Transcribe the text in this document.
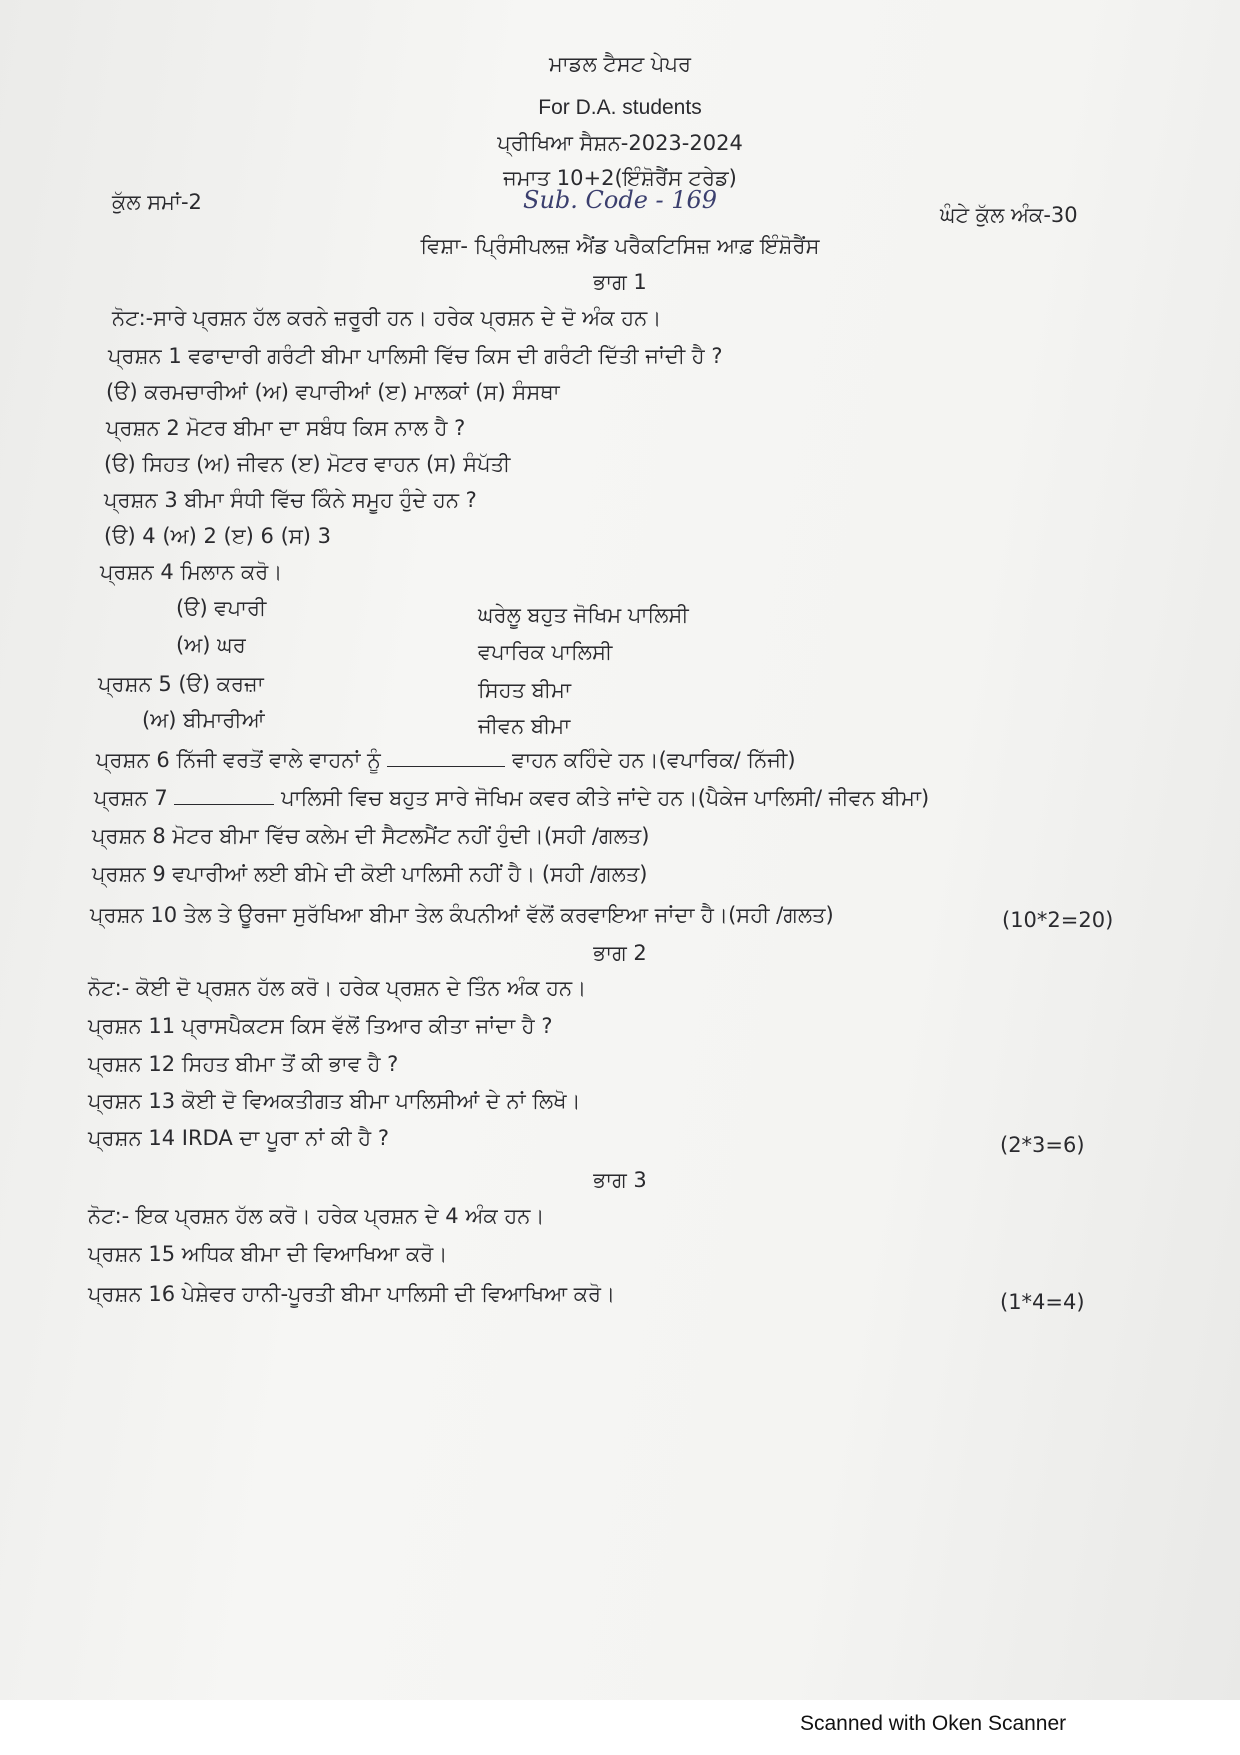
ਮਾਡਲ ਟੈਸਟ ਪੇਪਰ
For D.A. students
ਪ੍ਰੀਖਿਆ ਸੈਸ਼ਨ-2023-2024
ਜਮਾਤ 10+2(ਇੰਸ਼ੋਰੈਂਸ ਟਰੇਡ)
Sub. Code - 169
ਕੁੱਲ ਸਮਾਂ-2
ਘੰਟੇ ਕੁੱਲ ਅੰਕ-30
ਵਿਸ਼ਾ- ਪ੍ਰਿੰਸੀਪਲਜ਼ ਐਂਡ ਪਰੈਕਟਿਸਿਜ਼ ਆਫ਼ ਇੰਸ਼ੋਰੈਂਸ
ਭਾਗ 1
ਨੋਟ:-ਸਾਰੇ ਪ੍ਰਸ਼ਨ ਹੱਲ ਕਰਨੇ ਜ਼ਰੂਰੀ ਹਨ। ਹਰੇਕ ਪ੍ਰਸ਼ਨ ਦੇ ਦੋ ਅੰਕ ਹਨ।
ਪ੍ਰਸ਼ਨ 1 ਵਫਾਦਾਰੀ ਗਰੰਟੀ ਬੀਮਾ ਪਾਲਿਸੀ ਵਿੱਚ ਕਿਸ ਦੀ ਗਰੰਟੀ ਦਿੱਤੀ ਜਾਂਦੀ ਹੈ ?
(ੳ) ਕਰਮਚਾਰੀਆਂ (ਅ) ਵਪਾਰੀਆਂ (ੲ) ਮਾਲਕਾਂ (ਸ) ਸੰਸਥਾ
ਪ੍ਰਸ਼ਨ 2 ਮੋਟਰ ਬੀਮਾ ਦਾ ਸਬੰਧ ਕਿਸ ਨਾਲ ਹੈ ?
(ੳ) ਸਿਹਤ (ਅ) ਜੀਵਨ (ੲ) ਮੋਟਰ ਵਾਹਨ (ਸ) ਸੰਪੱਤੀ
ਪ੍ਰਸ਼ਨ 3 ਬੀਮਾ ਸੰਧੀ ਵਿੱਚ ਕਿੰਨੇ ਸਮੂਹ ਹੁੰਦੇ ਹਨ ?
(ੳ) 4 (ਅ) 2 (ੲ) 6 (ਸ) 3
ਪ੍ਰਸ਼ਨ 4 ਮਿਲਾਨ ਕਰੋ।
(ੳ) ਵਪਾਰੀ	ਘਰੇਲੂ ਬਹੁਤ ਜੋਖਿਮ ਪਾਲਿਸੀ
(ਅ) ਘਰ	ਵਪਾਰਿਕ ਪਾਲਿਸੀ
ਪ੍ਰਸ਼ਨ 5 (ੳ) ਕਰਜ਼ਾ	ਸਿਹਤ ਬੀਮਾ
(ਅ) ਬੀਮਾਰੀਆਂ	ਜੀਵਨ ਬੀਮਾ
ਪ੍ਰਸ਼ਨ 6 ਨਿੱਜੀ ਵਰਤੋਂ ਵਾਲੇ ਵਾਹਨਾਂ ਨੂੰ	ਵਾਹਨ ਕਹਿੰਦੇ ਹਨ।(ਵਪਾਰਿਕ/ ਨਿੱਜੀ)
ਪ੍ਰਸ਼ਨ 7	ਪਾਲਿਸੀ ਵਿਚ ਬਹੁਤ ਸਾਰੇ ਜੋਖਿਮ ਕਵਰ ਕੀਤੇ ਜਾਂਦੇ ਹਨ।(ਪੈਕੇਜ ਪਾਲਿਸੀ/ ਜੀਵਨ ਬੀਮਾ)
ਪ੍ਰਸ਼ਨ 8 ਮੋਟਰ ਬੀਮਾ ਵਿੱਚ ਕਲੇਮ ਦੀ ਸੈਟਲਮੈਂਟ ਨਹੀਂ ਹੁੰਦੀ।(ਸਹੀ /ਗਲਤ)
ਪ੍ਰਸ਼ਨ 9 ਵਪਾਰੀਆਂ ਲਈ ਬੀਮੇ ਦੀ ਕੋਈ ਪਾਲਿਸੀ ਨਹੀਂ ਹੈ। (ਸਹੀ /ਗਲਤ)
ਪ੍ਰਸ਼ਨ 10 ਤੇਲ ਤੇ ਊਰਜਾ ਸੁਰੱਖਿਆ ਬੀਮਾ ਤੇਲ ਕੰਪਨੀਆਂ ਵੱਲੋਂ ਕਰਵਾਇਆ ਜਾਂਦਾ ਹੈ।(ਸਹੀ /ਗਲਤ)	(10*2=20)
ਭਾਗ 2
ਨੋਟ:- ਕੋਈ ਦੋ ਪ੍ਰਸ਼ਨ ਹੱਲ ਕਰੋ। ਹਰੇਕ ਪ੍ਰਸ਼ਨ ਦੇ ਤਿੰਨ ਅੰਕ ਹਨ।
ਪ੍ਰਸ਼ਨ 11 ਪ੍ਰਾਸਪੈਕਟਸ ਕਿਸ ਵੱਲੋਂ ਤਿਆਰ ਕੀਤਾ ਜਾਂਦਾ ਹੈ ?
ਪ੍ਰਸ਼ਨ 12 ਸਿਹਤ ਬੀਮਾ ਤੋਂ ਕੀ ਭਾਵ ਹੈ ?
ਪ੍ਰਸ਼ਨ 13 ਕੋਈ ਦੋ ਵਿਅਕਤੀਗਤ ਬੀਮਾ ਪਾਲਿਸੀਆਂ ਦੇ ਨਾਂ ਲਿਖੋ।
ਪ੍ਰਸ਼ਨ 14 IRDA ਦਾ ਪੂਰਾ ਨਾਂ ਕੀ ਹੈ ?	(2*3=6)
ਭਾਗ 3
ਨੋਟ:- ਇਕ ਪ੍ਰਸ਼ਨ ਹੱਲ ਕਰੋ। ਹਰੇਕ ਪ੍ਰਸ਼ਨ ਦੇ 4 ਅੰਕ ਹਨ।
ਪ੍ਰਸ਼ਨ 15 ਅਧਿਕ ਬੀਮਾ ਦੀ ਵਿਆਖਿਆ ਕਰੋ।
ਪ੍ਰਸ਼ਨ 16 ਪੇਸ਼ੇਵਰ ਹਾਨੀ-ਪੂਰਤੀ ਬੀਮਾ ਪਾਲਿਸੀ ਦੀ ਵਿਆਖਿਆ ਕਰੋ।	(1*4=4)
Scanned with Oken Scanner
